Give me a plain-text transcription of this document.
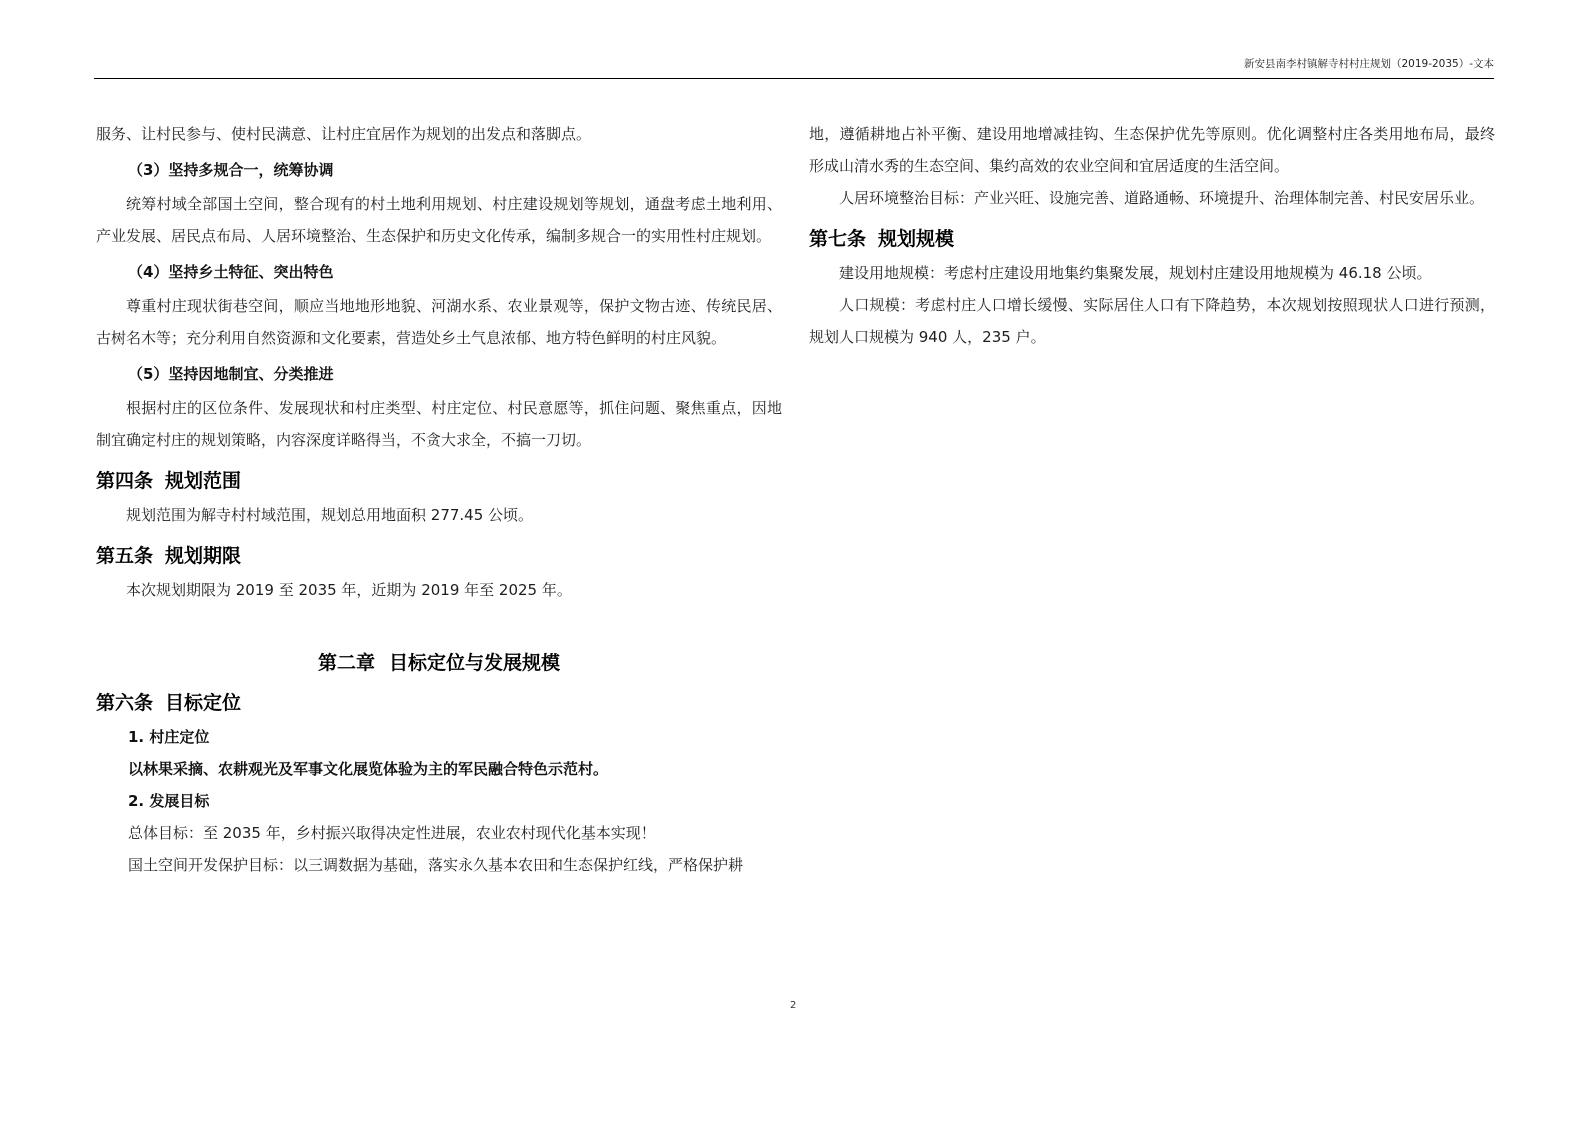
新安县南李村镇解寺村村庄规划（2019-2035）-文本

服务、让村民参与、使村民满意、让村庄宜居作为规划的出发点和落脚点。

（3）坚持多规合一，统筹协调

统筹村域全部国土空间，整合现有的村土地利用规划、村庄建设规划等规划，通盘考虑土地利用、产业发展、居民点布局、人居环境整治、生态保护和历史文化传承，编制多规合一的实用性村庄规划。

（4）坚持乡土特征、突出特色

尊重村庄现状街巷空间，顺应当地地形地貌、河湖水系、农业景观等，保护文物古迹、传统民居、古树名木等；充分利用自然资源和文化要素，营造处乡土气息浓郁、地方特色鲜明的村庄风貌。

（5）坚持因地制宜、分类推进

根据村庄的区位条件、发展现状和村庄类型、村庄定位、村民意愿等，抓住问题、聚焦重点，因地制宜确定村庄的规划策略，内容深度详略得当，不贪大求全，不搞一刀切。

第四条 规划范围

规划范围为解寺村村域范围，规划总用地面积 277.45 公顷。

第五条 规划期限

本次规划期限为 2019 至 2035 年，近期为 2019 年至 2025 年。

第二章 目标定位与发展规模
第六条 目标定位
1. 村庄定位
以林果采摘、农耕观光及军事文化展览体验为主的军民融合特色示范村。
2. 发展目标
总体目标：至 2035 年，乡村振兴取得决定性进展，农业农村现代化基本实现！
国土空间开发保护目标：以三调数据为基础，落实永久基本农田和生态保护红线，严格保护耕

地，遵循耕地占补平衡、建设用地增减挂钩、生态保护优先等原则。优化调整村庄各类用地布局，最终形成山清水秀的生态空间、集约高效的农业空间和宜居适度的生活空间。

人居环境整治目标：产业兴旺、设施完善、道路通畅、环境提升、治理体制完善、村民安居乐业。

第七条 规划规模

建设用地规模：考虑村庄建设用地集约集聚发展，规划村庄建设用地规模为 46.18 公顷。

人口规模：考虑村庄人口增长缓慢、实际居住人口有下降趋势，本次规划按照现状人口进行预测，规划人口规模为 940 人，235 户。

2
